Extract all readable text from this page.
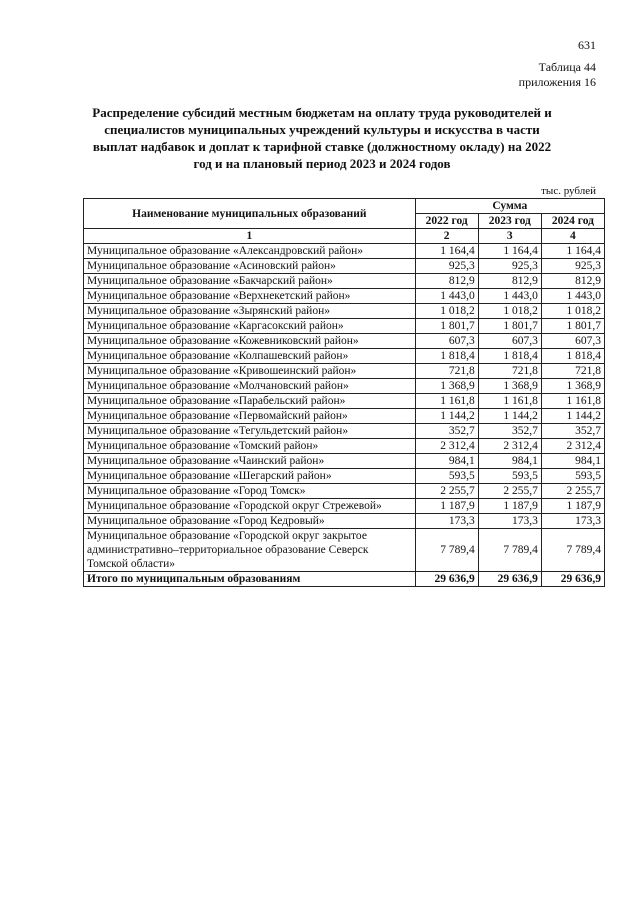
631
Таблица 44
приложения 16
Распределение субсидий местным бюджетам на оплату труда руководителей и специалистов муниципальных учреждений культуры и искусства в части выплат надбавок и доплат к тарифной ставке (должностному окладу) на 2022 год и на плановый период 2023 и 2024 годов
тыс. рублей
Наименование муниципальных образований	Сумма		
	2022 год	2023 год	2024 год
1	2	3	4
Муниципальное образование «Александровский район»	1 164,4	1 164,4	1 164,4
Муниципальное образование «Асиновский район»	925,3	925,3	925,3
Муниципальное образование «Бакчарский район»	812,9	812,9	812,9
Муниципальное образование «Верхнекетский район»	1 443,0	1 443,0	1 443,0
Муниципальное образование «Зырянский район»	1 018,2	1 018,2	1 018,2
Муниципальное образование «Каргасокский район»	1 801,7	1 801,7	1 801,7
Муниципальное образование «Кожевниковский район»	607,3	607,3	607,3
Муниципальное образование «Колпашевский район»	1 818,4	1 818,4	1 818,4
Муниципальное образование «Кривошеинский район»	721,8	721,8	721,8
Муниципальное образование «Молчановский район»	1 368,9	1 368,9	1 368,9
Муниципальное образование «Парабельский район»	1 161,8	1 161,8	1 161,8
Муниципальное образование «Первомайский район»	1 144,2	1 144,2	1 144,2
Муниципальное образование «Тегульдетский район»	352,7	352,7	352,7
Муниципальное образование «Томский район»	2 312,4	2 312,4	2 312,4
Муниципальное образование «Чаинский район»	984,1	984,1	984,1
Муниципальное образование «Шегарский район»	593,5	593,5	593,5
Муниципальное образование «Город Томск»	2 255,7	2 255,7	2 255,7
Муниципальное образование «Городской округ Стрежевой»	1 187,9	1 187,9	1 187,9
Муниципальное образование «Город Кедровый»	173,3	173,3	173,3
Муниципальное образование «Городской округ закрытое административно–территориальное образование Северск Томской области»	7 789,4	7 789,4	7 789,4
Итого по муниципальным образованиям	29 636,9	29 636,9	29 636,9
